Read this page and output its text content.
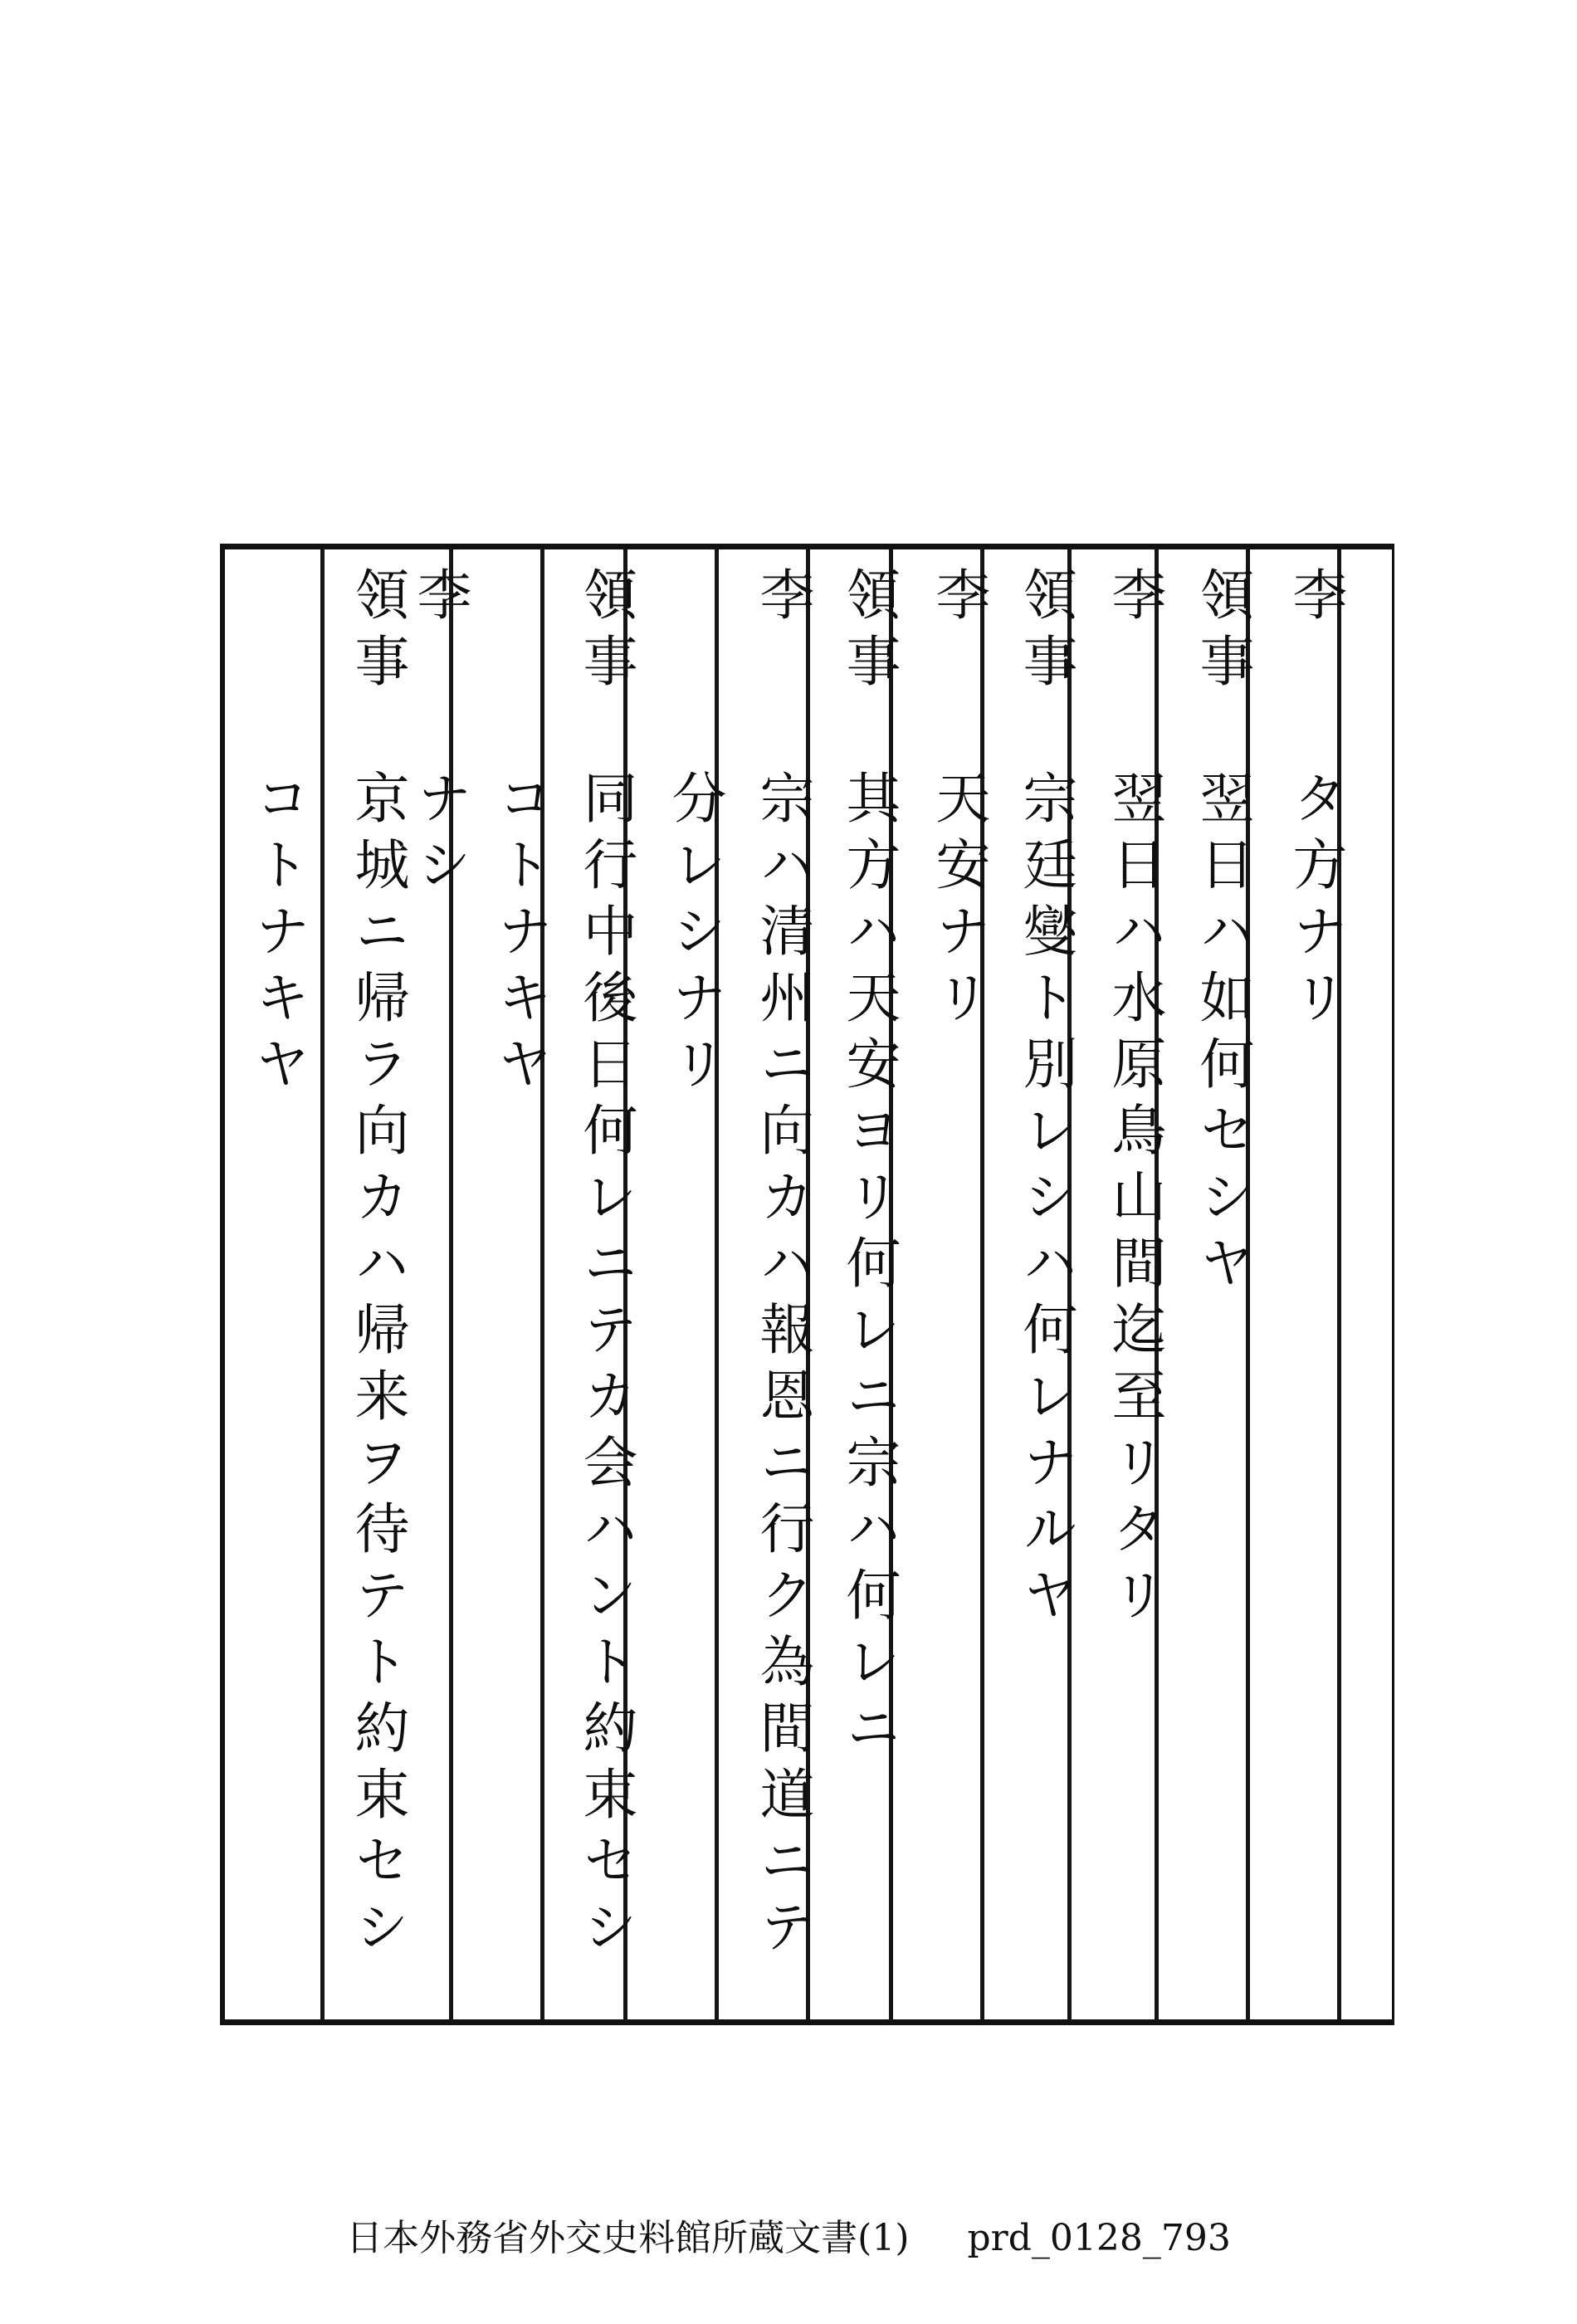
李
タ方ナリ
領事
翌日ハ如何セシヤ
李
翌日ハ水原鳥山間迄至リタリ
領事
宗廷燮ト別レシハ何レナルヤ
李
天安ナリ
領事
其方ハ天安ヨリ何レニ宗ハ何レニ
李
宗ハ清州ニ向カハ報恩ニ行ク為間道ニテ
分レシナリ
領事
同行中後日何レニテカ会ハント約束セシ
コトナキヤ
李
ナシ
領事
京城ニ帰ラ向カハ帰来ヲ待テト約束セシ
コトナキヤ
日本外務省外交史料館所蔵文書(1) prd_0128_793
